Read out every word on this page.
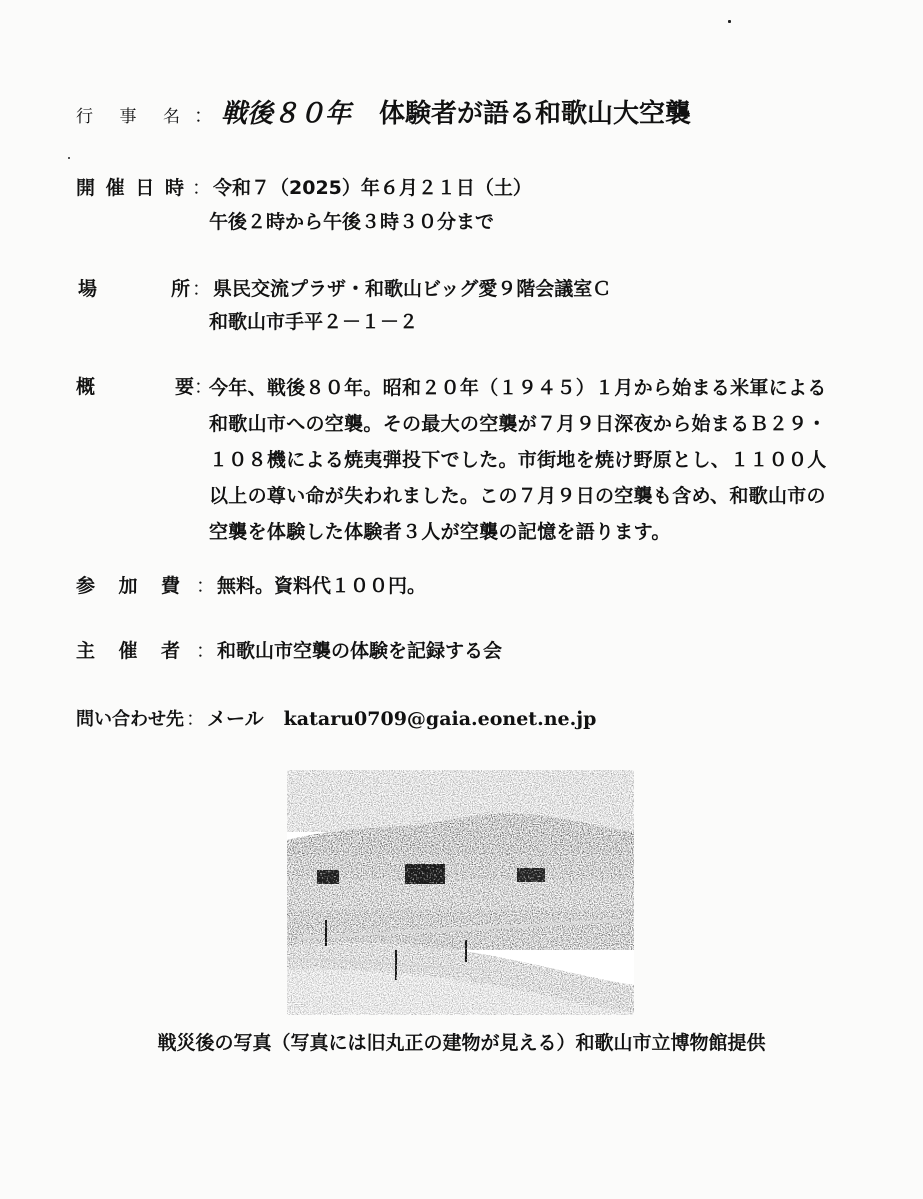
行 事 名 ： 戦後８０年 体験者が語る和歌山大空襲
開 催 日 時 ： 令和７（2025）年６月２１日（土）
午後２時から午後３時３０分まで
場	所 ： 県民交流プラザ・和歌山ビッグ愛９階会議室Ｃ
和歌山市手平２－１－２
概	要 ：
今年、戦後８０年。昭和２０年（１９４５）１月から始まる米軍による
和歌山市への空襲。その最大の空襲が７月９日深夜から始まるＢ２９・
１０８機による焼夷弾投下でした。市街地を焼け野原とし、１１００人
以上の尊い命が失われました。この７月９日の空襲も含め、和歌山市の
空襲を体験した体験者３人が空襲の記憶を語ります。
参 加 費 ： 無料。資料代１００円。
主 催 者 ： 和歌山市空襲の体験を記録する会
問い合わせ先 ： メール kataru0709@gaia.eonet.ne.jp
戦災後の写真（写真には旧丸正の建物が見える）和歌山市立博物館提供
